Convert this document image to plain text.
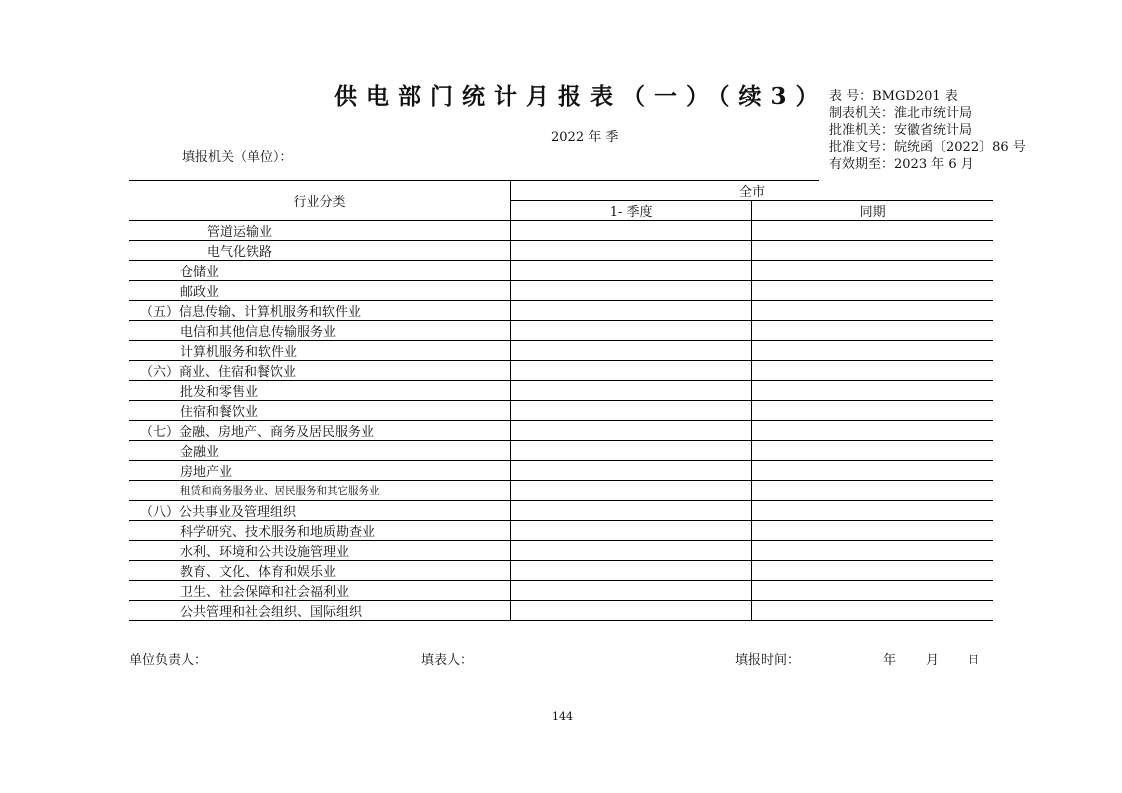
供电部门统计月报表（一）（续3）
2022 年 季
填报机关（单位）：
表 号：BMGD201 表
制表机关：淮北市统计局
批准机关：安徽省统计局
批准文号：皖统函〔2022〕86 号
有效期至：2023 年 6 月
行业分类	全市	
	1- 季度	同期
管道运输业		
电气化铁路		
仓储业		
邮政业		
（五）信息传输、计算机服务和软件业		
电信和其他信息传输服务业		
计算机服务和软件业		
（六）商业、住宿和餐饮业		
批发和零售业		
住宿和餐饮业		
（七）金融、房地产、商务及居民服务业		
金融业		
房地产业		
租赁和商务服务业、居民服务和其它服务业		
（八）公共事业及管理组织		
科学研究、技术服务和地质勘查业		
水利、环境和公共设施管理业		
教育、文化、体育和娱乐业		
卫生、社会保障和社会福利业		
公共管理和社会组织、国际组织		
单位负责人：	填表人：	填报时间：	年 月	日
144
